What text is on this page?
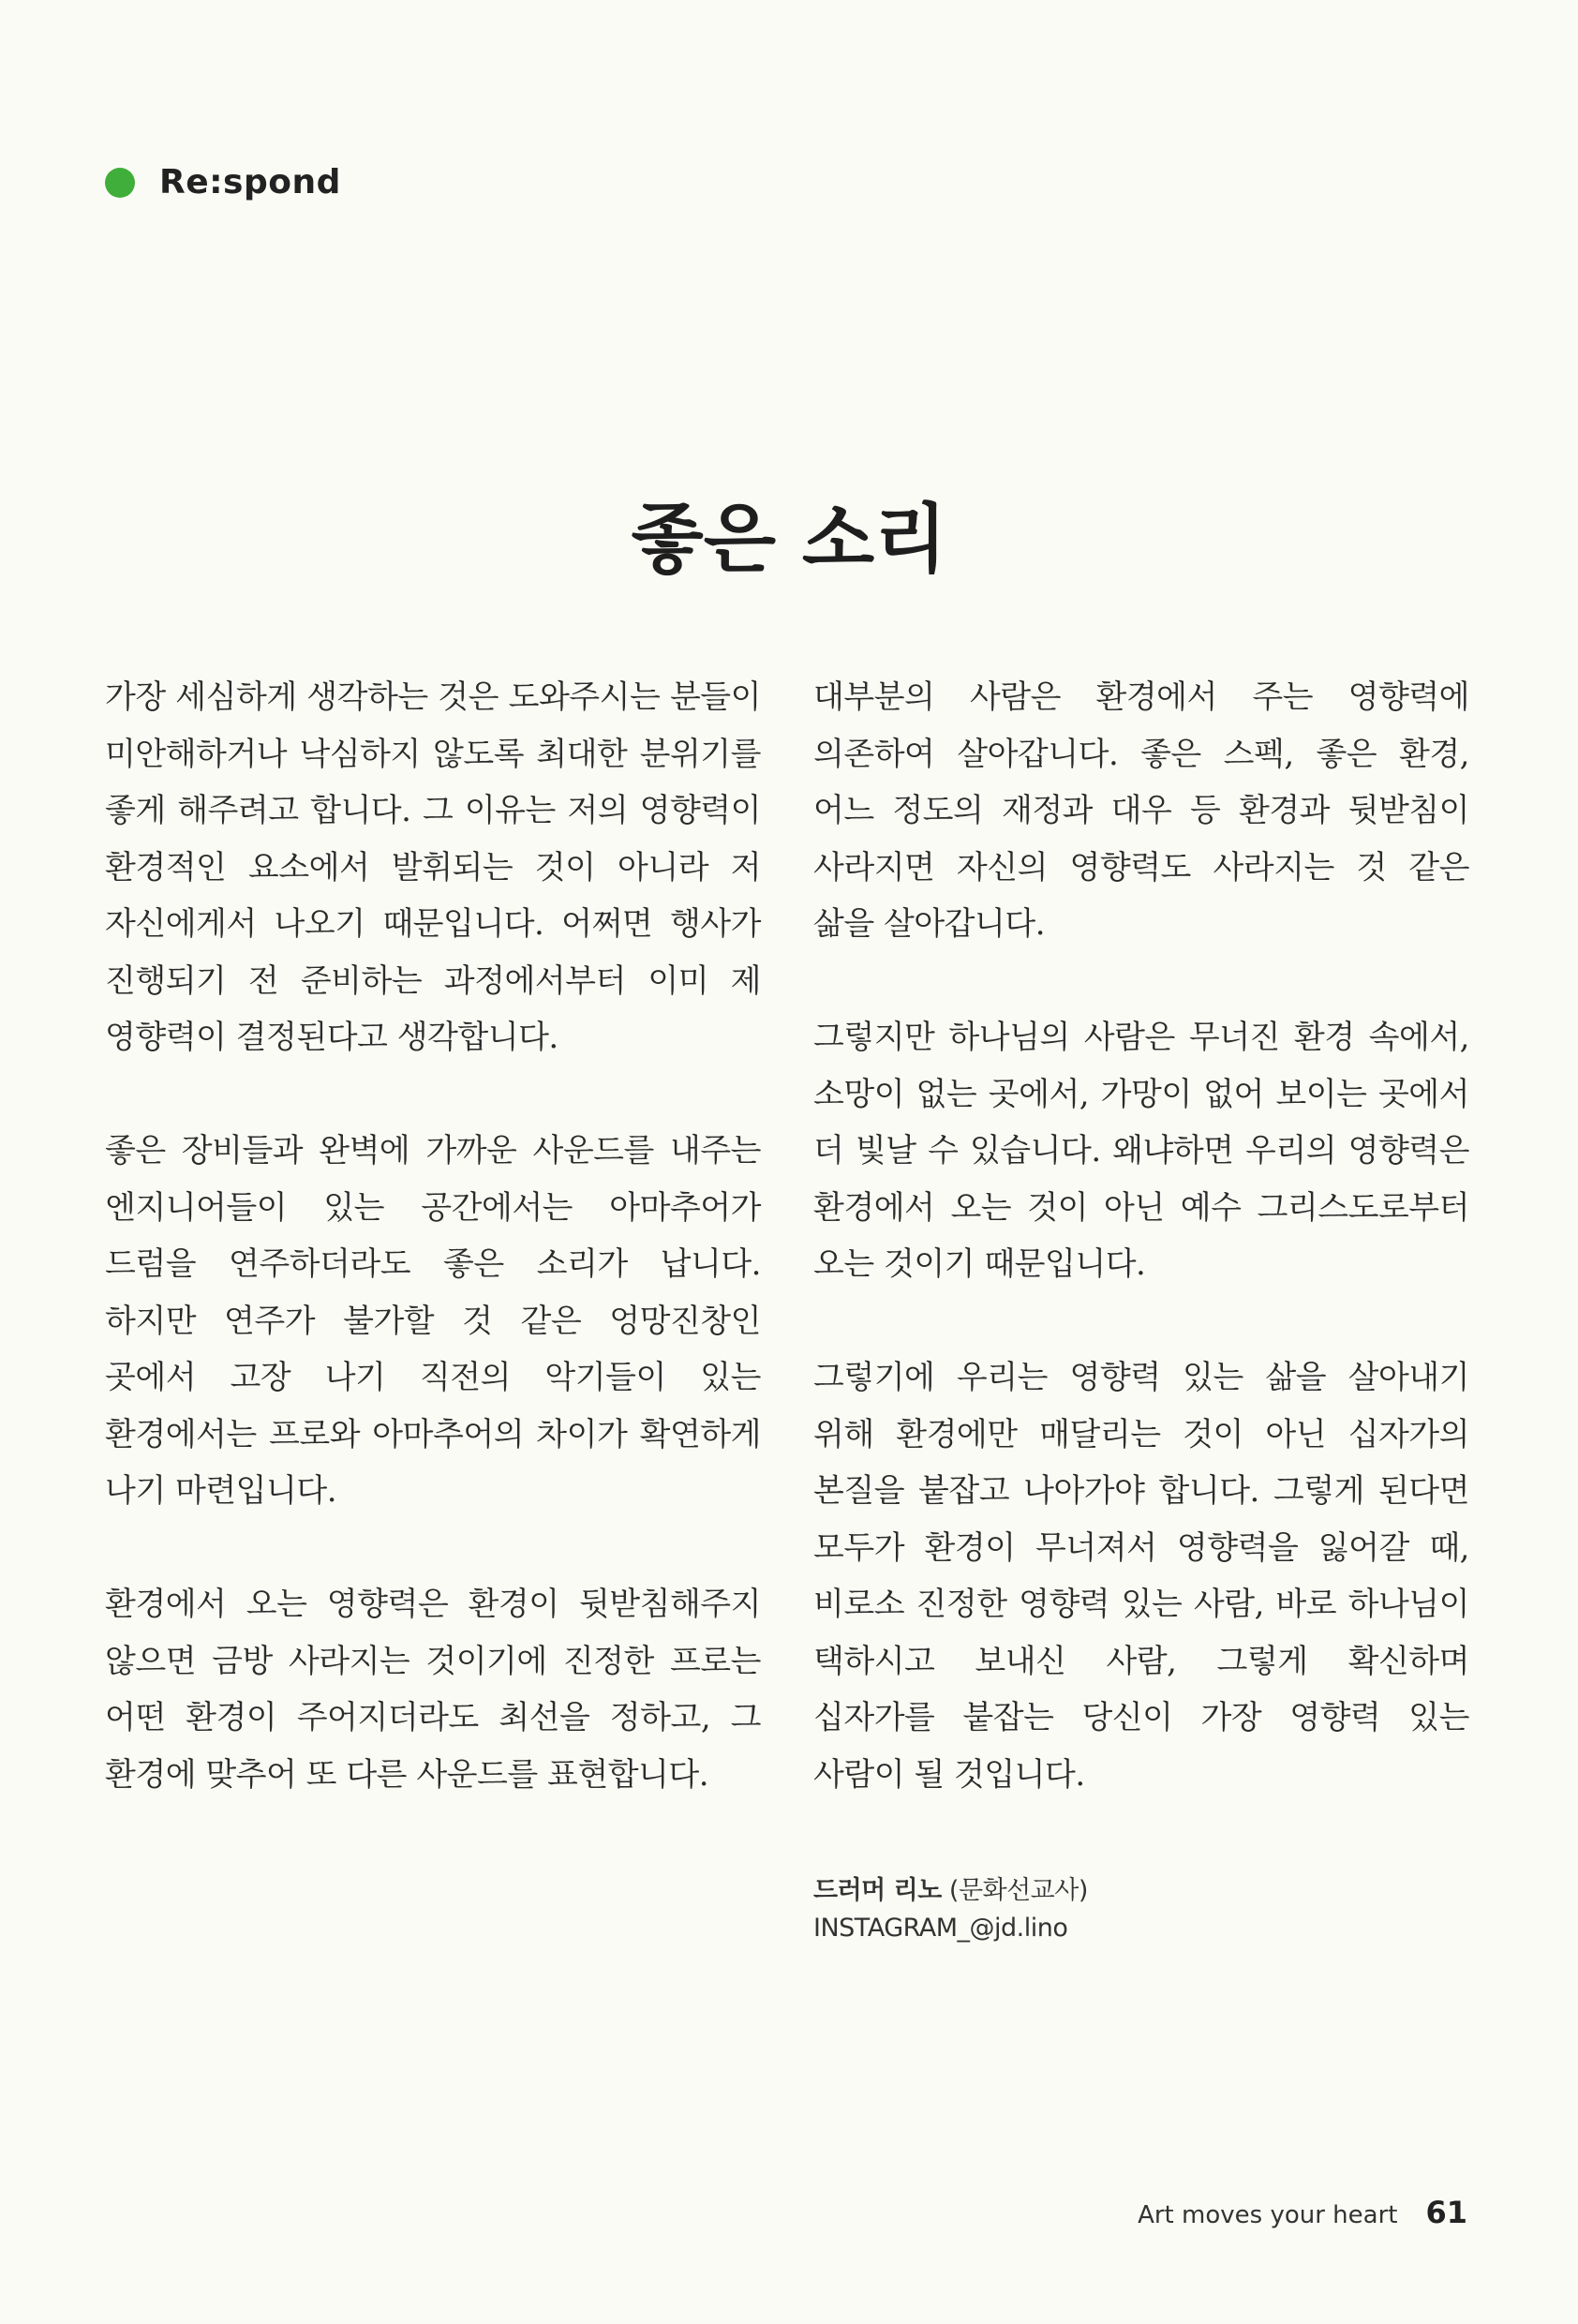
Re:spond
좋은 소리

가장 세심하게 생각하는 것은 도와주시는 분들이 미안해하거나 낙심하지 않도록 최대한 분위기를 좋게 해주려고 합니다. 그 이유는 저의 영향력이 환경적인 요소에서 발휘되는 것이 아니라 저 자신에게서 나오기 때문입니다. 어쩌면 행사가 진행되기 전 준비하는 과정에서부터 이미 제 영향력이 결정된다고 생각합니다.

좋은 장비들과 완벽에 가까운 사운드를 내주는 엔지니어들이 있는 공간에서는 아마추어가 드럼을 연주하더라도 좋은 소리가 납니다. 하지만 연주가 불가할 것 같은 엉망진창인 곳에서 고장 나기 직전의 악기들이 있는 환경에서는 프로와 아마추어의 차이가 확연하게 나기 마련입니다.

환경에서 오는 영향력은 환경이 뒷받침해주지 않으면 금방 사라지는 것이기에 진정한 프로는 어떤 환경이 주어지더라도 최선을 정하고, 그 환경에 맞추어 또 다른 사운드를 표현합니다.

대부분의 사람은 환경에서 주는 영향력에 의존하여 살아갑니다. 좋은 스펙, 좋은 환경, 어느 정도의 재정과 대우 등 환경과 뒷받침이 사라지면 자신의 영향력도 사라지는 것 같은 삶을 살아갑니다.

그렇지만 하나님의 사람은 무너진 환경 속에서, 소망이 없는 곳에서, 가망이 없어 보이는 곳에서 더 빛날 수 있습니다. 왜냐하면 우리의 영향력은 환경에서 오는 것이 아닌 예수 그리스도로부터 오는 것이기 때문입니다.

그렇기에 우리는 영향력 있는 삶을 살아내기 위해 환경에만 매달리는 것이 아닌 십자가의 본질을 붙잡고 나아가야 합니다. 그렇게 된다면 모두가 환경이 무너져서 영향력을 잃어갈 때, 비로소 진정한 영향력 있는 사람, 바로 하나님이 택하시고 보내신 사람, 그렇게 확신하며 십자가를 붙잡는 당신이 가장 영향력 있는 사람이 될 것입니다.

드러머 리노 (문화선교사)
INSTAGRAM_@jd.lino
Art moves your heart 61
